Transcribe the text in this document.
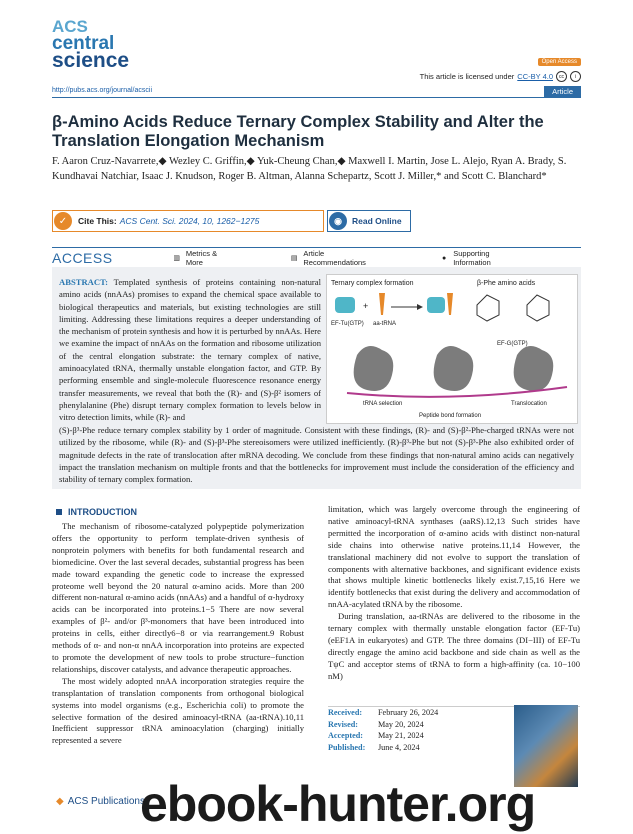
ACS
central
science	Open Access
This article is licensed under CC-BY 4.0	cc	i
http://pubs.acs.org/journal/acscii	Article
β-Amino Acids Reduce Ternary Complex Stability and Alter the Translation Elongation Mechanism
F. Aaron Cruz-Navarrete,◆ Wezley C. Griffin,◆ Yuk-Cheung Chan,◆ Maxwell I. Martin, Jose L. Alejo, Ryan A. Brady, S. Kundhavai Natchiar, Isaac J. Knudson, Roger B. Altman, Alanna Schepartz, Scott J. Miller,* and Scott C. Blanchard*
✓	Cite This: ACS Cent. Sci. 2024, 10, 1262−1275	◉	Read Online
ACCESS	▥
Metrics & More	▤
Article Recommendations	● Supporting Information
ABSTRACT: Templated synthesis of proteins containing non-natural amino acids (nnAAs) promises to expand the chemical space available to biological therapeutics and materials, but existing technologies are still limiting. Addressing these limitations requires a deeper understanding of the mechanism of protein synthesis and how it is perturbed by nnAAs. Here we examine the impact of nnAAs on the formation and ribosome utilization of the central elongation substrate: the ternary complex of native, aminoacylated tRNA, thermally unstable elongation factor, and GTP. By performing ensemble and single-molecule fluorescence resonance energy transfer measurements, we reveal that both the (R)- and (S)-β² isomers of phenylalanine (Phe) disrupt ternary complex formation to levels below in vitro detection limits, while (R)- and
(S)-β³-Phe reduce ternary complex stability by 1 order of magnitude. Consistent with these findings, (R)- and (S)-β²-Phe-charged tRNAs were not utilized by the ribosome, while (R)- and (S)-β³-Phe stereoisomers were utilized inefficiently. (R)-β³-Phe but not (S)-β³-Phe also exhibited order of magnitude defects in the rate of translocation after mRNA decoding. We conclude from these findings that non-natural amino acids can negatively impact the translation mechanism on multiple fronts and that the bottlenecks for improvement must include the consideration of the efficiency and stability of ternary complex formation.
Ternary complex formation	β-Phe amino acids
+
EF-Tu(GTP) aa-tRNA
EF-G(GTP)
tRNA selection	Translocation
Peptide bond formation
INTRODUCTION

The mechanism of ribosome-catalyzed polypeptide polymerization offers the opportunity to perform template-driven synthesis of nonprotein polymers with benefits for both fundamental research and biomedicine. Over the last several decades, substantial progress has been made toward expanding the genetic code to increase the expressed proteome well beyond the 20 natural α-amino acids. More than 200 different non-natural α-amino acids (nnAAs) and a handful of α-hydroxy acids can be incorporated into proteins.1−5 There are now several examples of β²- and/or β³-monomers that have been introduced into proteins in cells, either directly6−8 or via rearrangement.9 Robust methods of α- and non-α nnAA incorporation into proteins are expected to promote the development of new tools to probe structure−function relationships, discover catalysts, and advance therapeutic approaches.

The most widely adopted nnAA incorporation strategies require the transplantation of translation components from orthogonal biological systems into model organisms (e.g., Escherichia coli) to promote the selective formation of the desired aminoacyl-tRNA (aa-tRNA).10,11 Inefficient suppressor tRNA aminoacylation (charging) initially represented a severe

limitation, which was largely overcome through the engineering of native aminoacyl-tRNA synthases (aaRS).12,13 Such strides have permitted the incorporation of α-amino acids with distinct non-natural side chains into otherwise native proteins.11,14 However, the translational machinery did not evolve to support the translation of components with alternative backbones, and significant evidence exists that shows multiple kinetic bottlenecks likely exist.7,15,16 Here we identify bottlenecks that exist during the delivery and accommodation of nnAA-acylated tRNA by the ribosome.

During translation, aa-tRNAs are delivered to the ribosome in the ternary complex with thermally unstable elongation factor (EF-Tu) (eEF1A in eukaryotes) and GTP. The three domains (DI−III) of EF-Tu directly engage the amino acid backbone and side chain as well as the TψC and acceptor stems of tRNA to form a high-affinity (ca. 10−100 nM)

Received:	February 26, 2024
Revised:	May 20, 2024
Accepted:	May 21, 2024
Published:	June 4, 2024
◆ ACS Publications
ebook-hunter.org
